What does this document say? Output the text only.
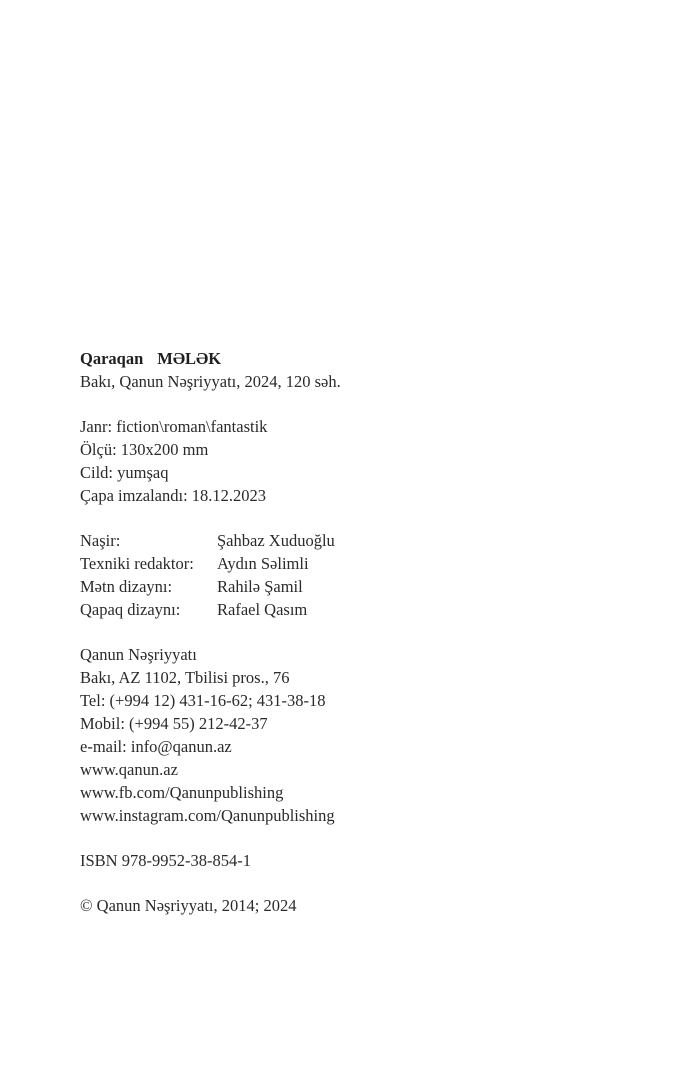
Qaraqan MƏLƏK

Bakı, Qanun Nəşriyyatı, 2024, 120 səh.

Janr: fiction\roman\fantastik

Ölçü: 130x200 mm

Cild: yumşaq

Çapa imzalandı: 18.12.2023

Naşir:	Şahbaz Xuduoğlu
Texniki redaktor:	Aydın Səlimli
Mətn dizaynı:	Rahilə Şamil
Qapaq dizaynı:	Rafael Qasım

Qanun Nəşriyyatı

Bakı, AZ 1102, Tbilisi pros., 76

Tel: (+994 12) 431-16-62; 431-38-18

Mobil: (+994 55) 212-42-37

e-mail: info@qanun.az

www.qanun.az

www.fb.com/Qanunpublishing

www.instagram.com/Qanunpublishing

ISBN 978-9952-38-854-1

© Qanun Nəşriyyatı, 2014; 2024
